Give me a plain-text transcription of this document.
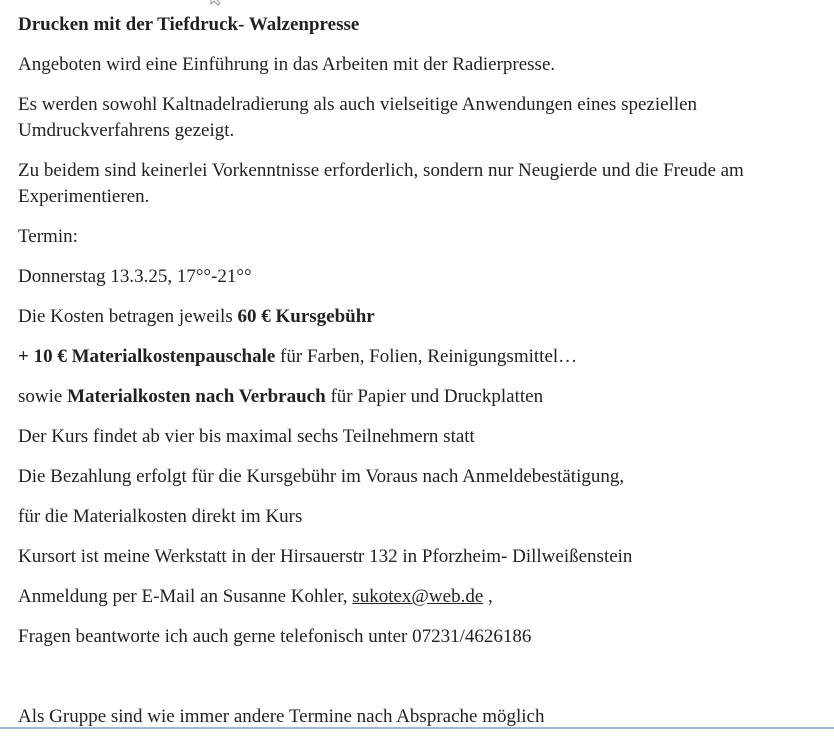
Drucken mit der Tiefdruck- Walzenpresse
Angeboten wird eine Einführung in das Arbeiten mit der Radierpresse.
Es werden sowohl Kaltnadelradierung als auch vielseitige Anwendungen eines speziellen Umdruckverfahrens gezeigt.
Zu beidem sind keinerlei Vorkenntnisse erforderlich, sondern nur Neugierde und die Freude am Experimentieren.
Termin:
Donnerstag 13.3.25, 17°°-21°°
Die Kosten betragen jeweils 60 € Kursgebühr
+ 10 € Materialkostenpauschale für Farben, Folien, Reinigungsmittel…
sowie Materialkosten nach Verbrauch für Papier und Druckplatten
Der Kurs findet ab vier bis maximal sechs Teilnehmern statt
Die Bezahlung erfolgt für die Kursgebühr im Voraus nach Anmeldebestätigung,
für die Materialkosten direkt im Kurs
Kursort ist meine Werkstatt in der Hirsauerstr 132 in Pforzheim- Dillweißenstein
Anmeldung per E-Mail an Susanne Kohler, sukotex@web.de ,
Fragen beantworte ich auch gerne telefonisch unter 07231/4626186
Als Gruppe sind wie immer andere Termine nach Absprache möglich
